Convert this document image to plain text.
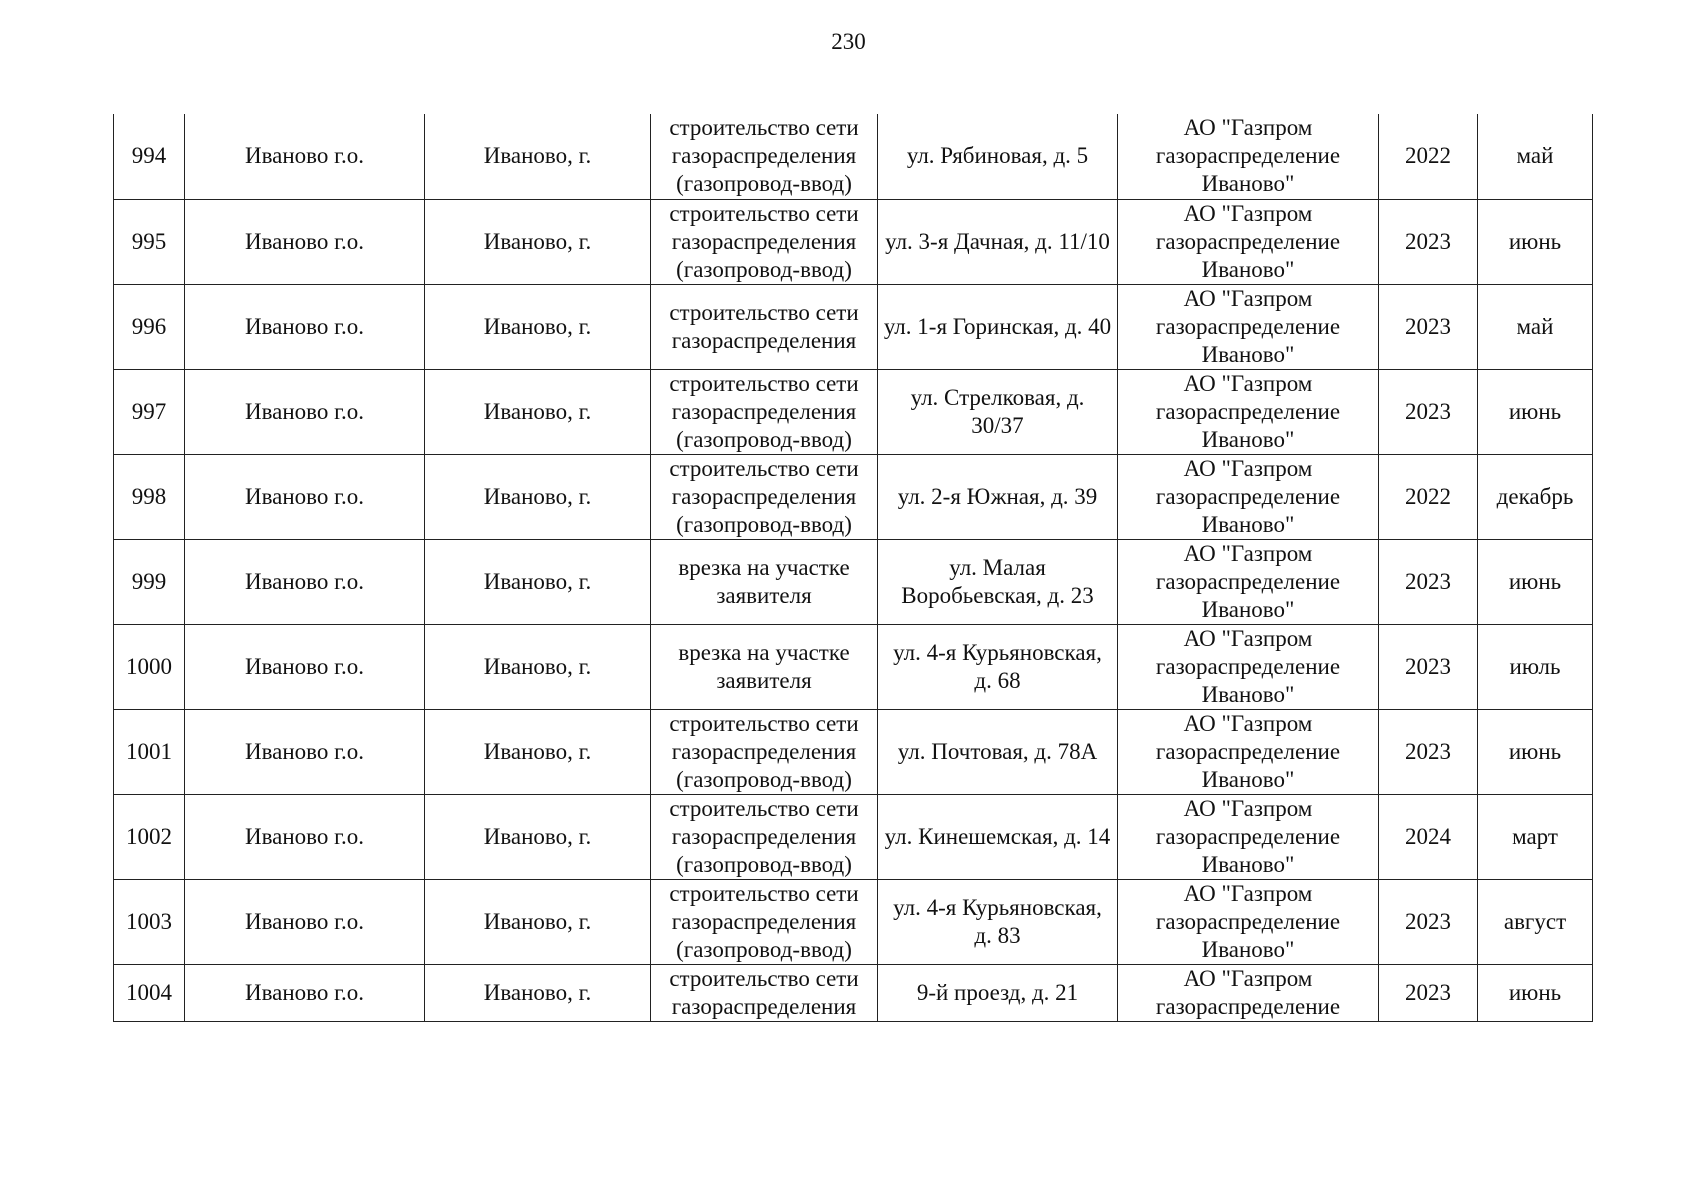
230
994	Иваново г.о.	Иваново, г.	строительство сети газораспределения (газопровод-ввод)	ул. Рябиновая, д. 5	АО "Газпром газораспределение Иваново"	2022	май
995	Иваново г.о.	Иваново, г.	строительство сети газораспределения (газопровод-ввод)	ул. 3-я Дачная, д. 11/10	АО "Газпром газораспределение Иваново"	2023	июнь
996	Иваново г.о.	Иваново, г.	строительство сети газораспределения	ул. 1-я Горинская, д. 40	АО "Газпром газораспределение Иваново"	2023	май
997	Иваново г.о.	Иваново, г.	строительство сети газораспределения (газопровод-ввод)	ул. Стрелковая, д. 30/37	АО "Газпром газораспределение Иваново"	2023	июнь
998	Иваново г.о.	Иваново, г.	строительство сети газораспределения (газопровод-ввод)	ул. 2-я Южная, д. 39	АО "Газпром газораспределение Иваново"	2022	декабрь
999	Иваново г.о.	Иваново, г.	врезка на участке заявителя	ул. Малая Воробьевская, д. 23	АО "Газпром газораспределение Иваново"	2023	июнь
1000	Иваново г.о.	Иваново, г.	врезка на участке заявителя	ул. 4-я Курьяновская, д. 68	АО "Газпром газораспределение Иваново"	2023	июль
1001	Иваново г.о.	Иваново, г.	строительство сети газораспределения (газопровод-ввод)	ул. Почтовая, д. 78А	АО "Газпром газораспределение Иваново"	2023	июнь
1002	Иваново г.о.	Иваново, г.	строительство сети газораспределения (газопровод-ввод)	ул. Кинешемская, д. 14	АО "Газпром газораспределение Иваново"	2024	март
1003	Иваново г.о.	Иваново, г.	строительство сети газораспределения (газопровод-ввод)	ул. 4-я Курьяновская, д. 83	АО "Газпром газораспределение Иваново"	2023	август
1004	Иваново г.о.	Иваново, г.	строительство сети газораспределения	9-й проезд, д. 21	АО "Газпром газораспределение	2023	июнь
